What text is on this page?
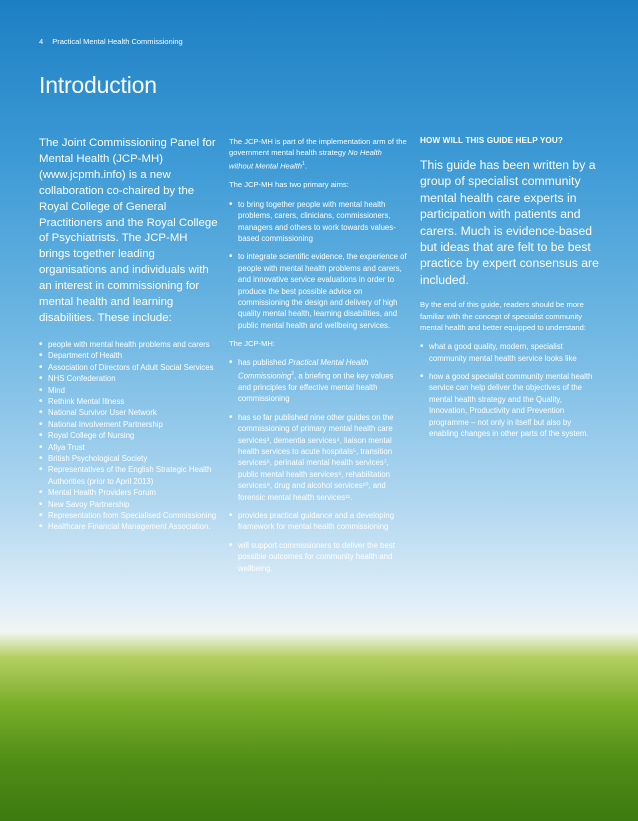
4 Practical Mental Health Commissioning
Introduction

The Joint Commissioning Panel for Mental Health (JCP-MH) (www.jcpmh.info) is a new collaboration co-chaired by the Royal College of General Practitioners and the Royal College of Psychiatrists. The JCP-MH brings together leading organisations and individuals with an interest in commissioning for mental health and learning disabilities. These include:

• people with mental health problems and carers
• Department of Health
• Association of Directors of Adult Social Services
• NHS Confederation
• Mind
• Rethink Mental Illness
• National Survivor User Network
• National Involvement Partnership
• Royal College of Nursing
• Afiya Trust
• British Psychological Society
• Representatives of the English Strategic Health Authorities (prior to April 2013)
• Mental Health Providers Forum
• New Savoy Partnership
• Representation from Specialised Commissioning
• Healthcare Financial Management Association.

The JCP-MH is part of the implementation arm of the government mental health strategy No Health without Mental Health$^1$.

The JCP-MH has two primary aims:

• to bring together people with mental health problems, carers, clinicians, commissioners, managers and others to work towards values-based commissioning
• to integrate scientific evidence, the experience of people with mental health problems and carers, and innovative service evaluations in order to produce the best possible advice on commissioning the design and delivery of high quality mental health, learning disabilities, and public mental health and wellbeing services.

The JCP-MH:

• has published Practical Mental Health Commissioning$^2$, a briefing on the key values and principles for effective mental health commissioning
• has so far published nine other guides on the commissioning of primary mental health care services³, dementia services⁴, liaison mental health services to acute hospitals⁵, transition services⁶, perinatal mental health services⁷, public mental health services⁸, rehabilitation services⁹, drug and alcohol services¹⁰, and forensic mental health services¹¹.
• provides practical guidance and a developing framework for mental health commissioning
• will support commissioners to deliver the best possible outcomes for community health and wellbeing.

HOW WILL THIS GUIDE HELP YOU?

This guide has been written by a group of specialist community mental health care experts in participation with patients and carers. Much is evidence-based but ideas that are felt to be best practice by expert consensus are included.

By the end of this guide, readers should be more familiar with the concept of specialist community mental health and better equipped to understand:

• what a good quality, modern, specialist community mental health service looks like
• how a good specialist community mental health service can help deliver the objectives of the mental health strategy and the Quality, Innovation, Productivity and Prevention programme – not only in itself but also by enabling changes in other parts of the system.
